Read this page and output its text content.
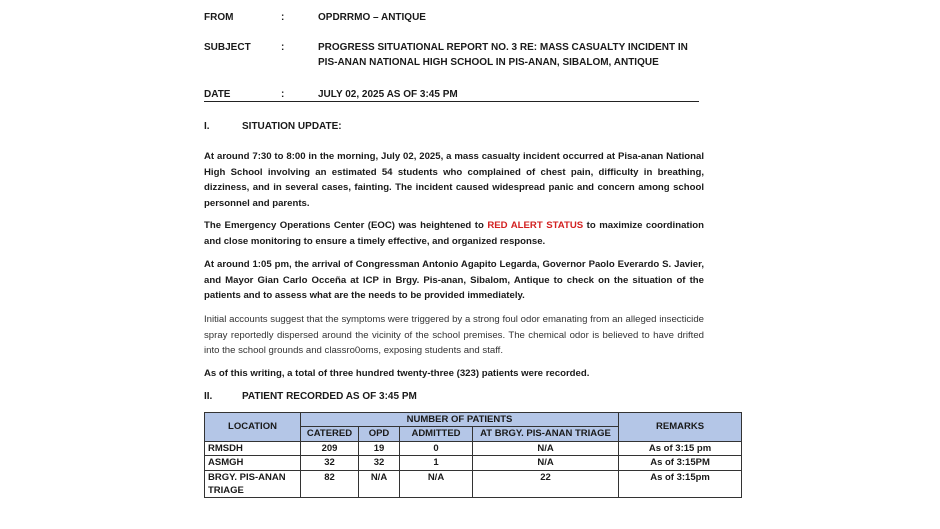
FROM	:	OPDRRMO – ANTIQUE
SUBJECT	:	PROGRESS SITUATIONAL REPORT NO. 3 RE: MASS CASUALTY INCIDENT IN PIS-ANAN NATIONAL HIGH SCHOOL IN PIS-ANAN, SIBALOM, ANTIQUE
DATE	:	JULY 02, 2025 AS OF 3:45 PM
I.	SITUATION UPDATE:
At around 7:30 to 8:00 in the morning, July 02, 2025, a mass casualty incident occurred at Pisa-anan National High School involving an estimated 54 students who complained of chest pain, difficulty in breathing, dizziness, and in several cases, fainting. The incident caused widespread panic and concern among school personnel and parents.
The Emergency Operations Center (EOC) was heightened to RED ALERT STATUS to maximize coordination and close monitoring to ensure a timely effective, and organized response.
At around 1:05 pm, the arrival of Congressman Antonio Agapito Legarda, Governor Paolo Everardo S. Javier, and Mayor Gian Carlo Occeña at ICP in Brgy. Pis-anan, Sibalom, Antique to check on the situation of the patients and to assess what are the needs to be provided immediately.
Initial accounts suggest that the symptoms were triggered by a strong foul odor emanating from an alleged insecticide spray reportedly dispersed around the vicinity of the school premises. The chemical odor is believed to have drifted into the school grounds and classro0oms, exposing students and staff.
As of this writing, a total of three hundred twenty-three (323) patients were recorded.
II.	PATIENT RECORDED AS OF 3:45 PM
LOCATION	NUMBER OF PATIENTS				REMARKS
	CATERED	OPD	ADMITTED	AT BRGY. PIS-ANAN TRIAGE	
RMSDH	209	19	0	N/A	As of 3:15 pm
ASMGH	32	32	1	N/A	As of 3:15PM
BRGY. PIS-ANAN TRIAGE	82	N/A	N/A	22	As of 3:15pm
